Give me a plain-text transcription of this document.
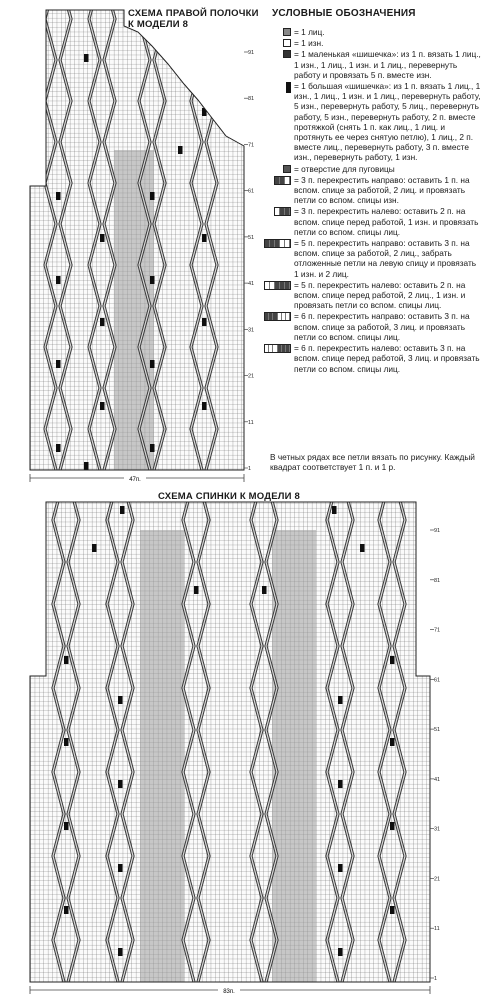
СХЕМА ПРАВОЙ ПОЛОЧКИ
К МОДЕЛИ 8
УСЛОВНЫЕ ОБОЗНАЧЕНИЯ
СХЕМА СПИНКИ К МОДЕЛИ 8
91
81
71
61
51
41
31
21
11
1
47п.
= 1 лиц.
= 1 изн.
= 1 маленькая «шишечка»: из 1 п. вязать 1 лиц., 1 изн., 1 лиц., 1 изн. и 1 лиц., перевернуть работу и провязать 5 п. вместе изн.
= 1 большая «шишечка»: из 1 п. вязать 1 лиц., 1 изн., 1 лиц., 1 изн. и 1 лиц., перевернуть работу, 5 изн., перевернуть работу, 5 лиц., перевернуть работу, 5 изн., перевернуть работу, 2 п. вместе протяжкой (снять 1 п. как лиц., 1 лиц. и протянуть ее через снятую петлю), 1 лиц., 2 п. вместе лиц., перевернуть работу, 3 п. вместе изн., перевернуть работу, 1 изн.
= отверстие для пуговицы
= 3 п. перекрестить направо: оставить 1 п. на вспом. спице за работой, 2 лиц. и провязать петли со вспом. спицы изн.
= 3 п. перекрестить налево: оставить 2 п. на вспом. спице перед работой, 1 изн. и провязать петли со вспом. спицы лиц.
= 5 п. перекрестить направо: оставить 3 п. на вспом. спице за работой, 2 лиц., забрать отложенные петли на левую спицу и провязать 1 изн. и 2 лиц.
= 5 п. перекрестить налево: оставить 2 п. на вспом. спице перед работой, 2 лиц., 1 изн. и провязать петли со вспом. спицы лиц.
= 6 п. перекрестить направо: оставить 3 п. на вспом. спице за работой, 3 лиц. и провязать петли со вспом. спицы лиц.
= 6 п. перекрестить налево: оставить 3 п. на вспом. спице перед работой, 3 лиц. и провязать петли со вспом. спицы лиц.
В четных рядах все петли вязать по рисунку. Каждый квадрат соответствует 1 п. и 1 р.
91
81
71
61
51
41
31
21
11
1
83п.
